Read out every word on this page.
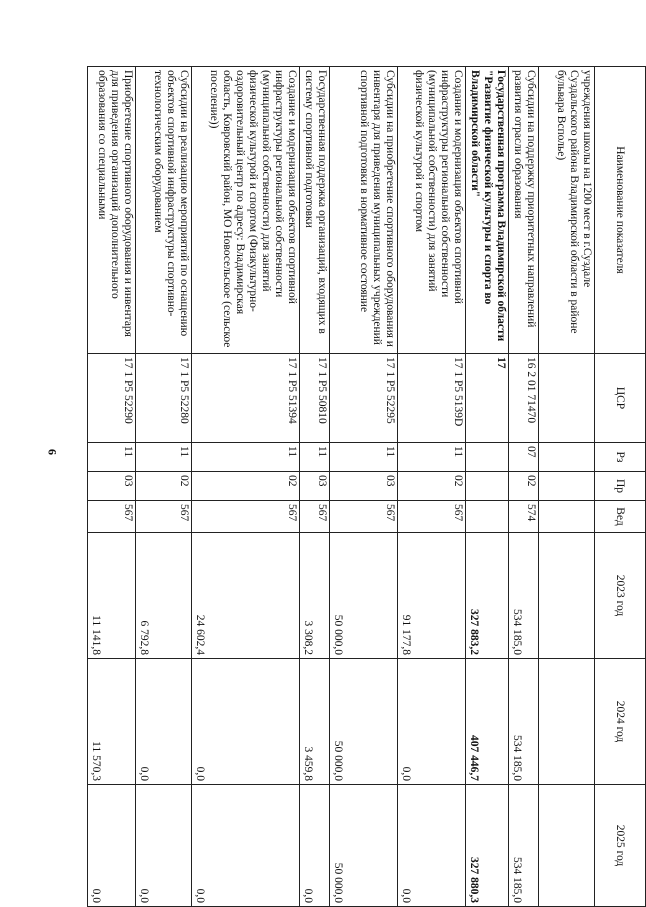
6
Наименование показателя	ЦСР	Рз	Пр	Вед	2023 год	2024 год	2025 год
учреждения школы на 1200 мест в г.Суздале Суздальского района Владимирской области в районе бульвара Всполье)							
Субсидии на поддержку приоритетных направлений развития отрасли образования	16 2 01 71470	07	02	574	534 185,0	534 185,0	534 185,0
Государственная программа Владимирской области "Развитие физической культуры и спорта во Владимирской области"	17				327 883,2	407 446,7	327 880,3
Создание и модернизация объектов спортивной инфраструктуры региональной собственности (муниципальной собственности) для занятий физической культурой и спортом	17 1 Р5 5139D	11	02	567	91 177,8	0,0	0,0
Субсидии на приобретение спортивного оборудования и инвентаря для приведения муниципальных учреждений спортивной подготовки в нормативное состояние	17 1 Р5 52295	11	03	567	50 000,0	50 000,0	50 000,0
Государственная поддержка организаций, входящих в систему спортивной подготовки	17 1 Р5 50810	11	03	567	3 308,2	3 459,8	0,0
Создание и модернизация объектов спортивной инфраструктуры региональной собственности (муниципальной собственности) для занятий физической культурой и спортом (Физкультурно-оздоровительный центр по адресу: Владимирская область, Ковровский район, МО Новосельское (сельское поселение))	17 1 Р5 51394	11	02	567	24 602,4	0,0	0,0
Субсидии на реализацию мероприятий по оснащению объектов спортивной инфраструктуры спортивно-технологическим оборудованием	17 1 Р5 52280	11	02	567	6 792,8	0,0	0,0
Приобретение спортивного оборудования и инвентаря для приведения организаций дополнительного образования со специальными	17 1 Р5 52290	11	03	567	11 141,8	11 570,3	0,0
